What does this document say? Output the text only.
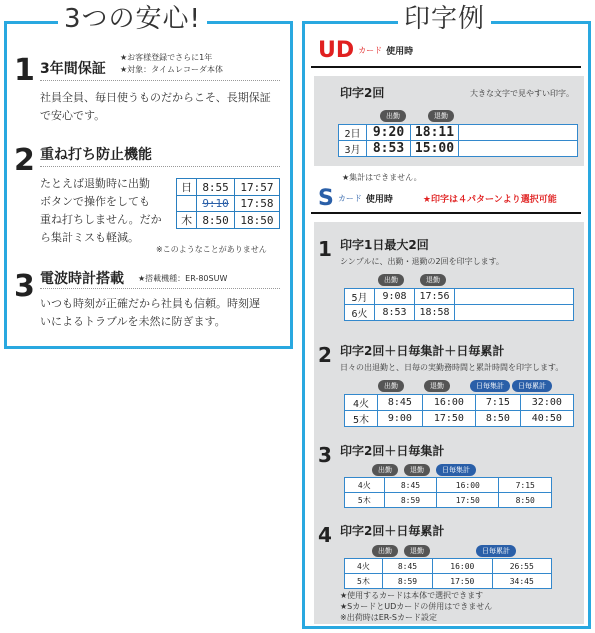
3つの安心!
1 3年間保証
★お客様登録でさらに1年
★対象：タイムレコーダ本体
社員全員、毎日使うものだからこそ、長期保証
で安心です。
2 重ね打ち防止機能
たとえば退勤時に出勤
ボタンで操作をしても
重ね打ちしません。だか
ら集計ミスも軽減。
日	8:55	17:57
	9:10	17:58
木	8:50	18:50
※このようなことがありません
3 電波時計搭載 ★搭載機種：ER-80SUW
いつも時刻が正確だから社員も信頼。時刻遅
いによるトラブルを未然に防ぎます。
印字例
UD カード 使用時
印字2回	大きな文字で見やすい印字。
出勤	退勤
2日	9:20	18:11	
3月	8:53	15:00	
★集計はできません。
S カード 使用時	★印字は４パターンより選択可能
1 印字1日最大2回
シンプルに、出勤・退勤の2回を印字します。
出勤	退勤
5月	9:08	17:56	
6火	8:53	18:58	
2 印字2回＋日毎集計＋日毎累計
日々の出退勤と、日毎の実勤務時間と累計時間を印字します。
出勤	退勤	日毎集計	日毎累計
4火	8:45	16:00	7:15	32:00
5木	9:00	17:50	8:50	40:50
3 印字2回＋日毎集計
出勤	退勤	日毎集計
4火	8:45	16:00	7:15
5木	8:59	17:50	8:50
4 印字2回＋日毎累計
出勤	退勤	日毎累計
4火	8:45	16:00	26:55
5木	8:59	17:50	34:45
★使用するカードは本体で選択できます
★SカードとUDカードの併用はできません
※出荷時はER-Sカード設定
